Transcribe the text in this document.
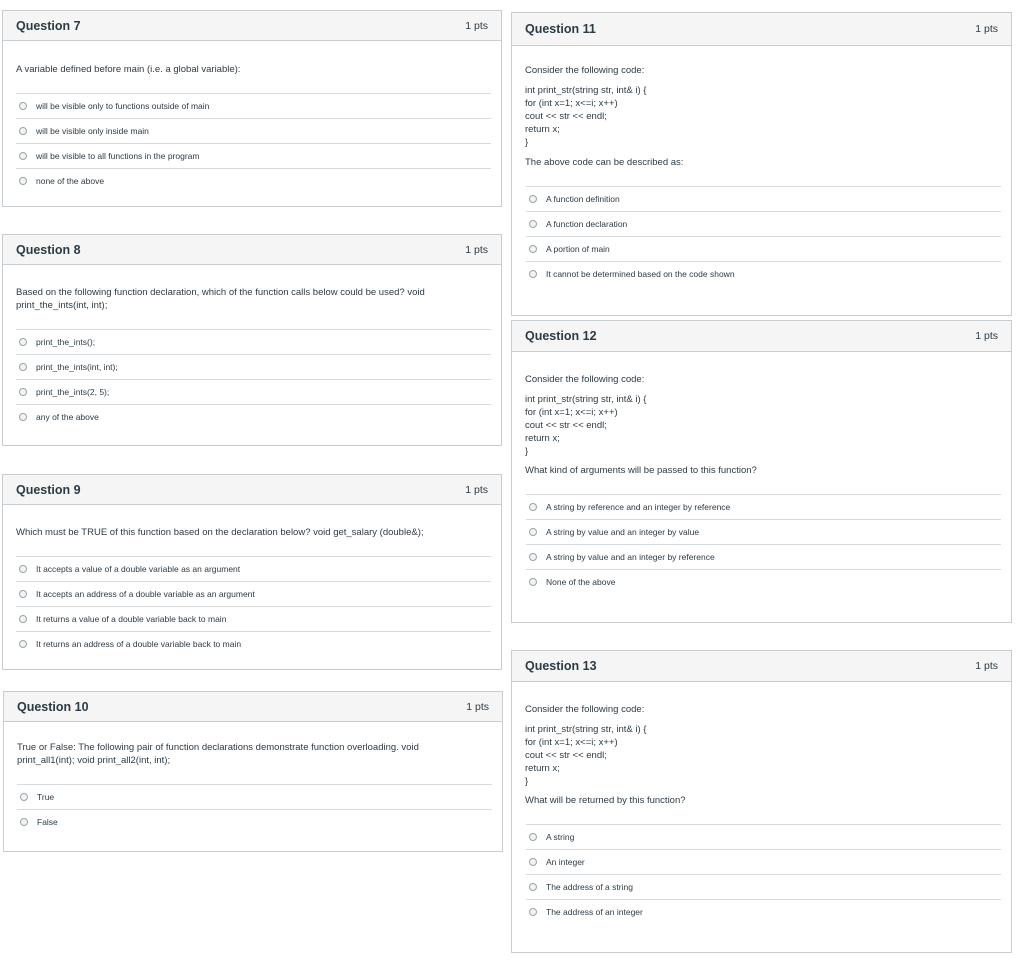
Question 7	1 pts

A variable defined before main (i.e. a global variable):

will be visible only to functions outside of main
will be visible only inside main
will be visible to all functions in the program
none of the above
Question 8	1 pts

Based on the following function declaration, which of the function calls below could be used? void
print_the_ints(int, int);

print_the_ints();
print_the_ints(int, int);
print_the_ints(2, 5);
any of the above
Question 9	1 pts

Which must be TRUE of this function based on the declaration below? void get_salary (double&);

It accepts a value of a double variable as an argument
It accepts an address of a double variable as an argument
It returns a value of a double variable back to main
It returns an address of a double variable back to main
Question 10	1 pts

True or False: The following pair of function declarations demonstrate function overloading. void
print_all1(int); void print_all2(int, int);

True
False
Question 11	1 pts

Consider the following code:

int print_str(string str, int& i) {

for (int x=1; x<=i; x++)

cout << str << endl;

return x;

}

The above code can be described as:

A function definition
A function declaration
A portion of main
It cannot be determined based on the code shown
Question 12	1 pts

Consider the following code:

int print_str(string str, int& i) {

for (int x=1; x<=i; x++)

cout << str << endl;

return x;

}

What kind of arguments will be passed to this function?

A string by reference and an integer by reference
A string by value and an integer by value
A string by value and an integer by reference
None of the above
Question 13	1 pts

Consider the following code:

int print_str(string str, int& i) {

for (int x=1; x<=i; x++)

cout << str << endl;

return x;

}

What will be returned by this function?

A string
An integer
The address of a string
The address of an integer
